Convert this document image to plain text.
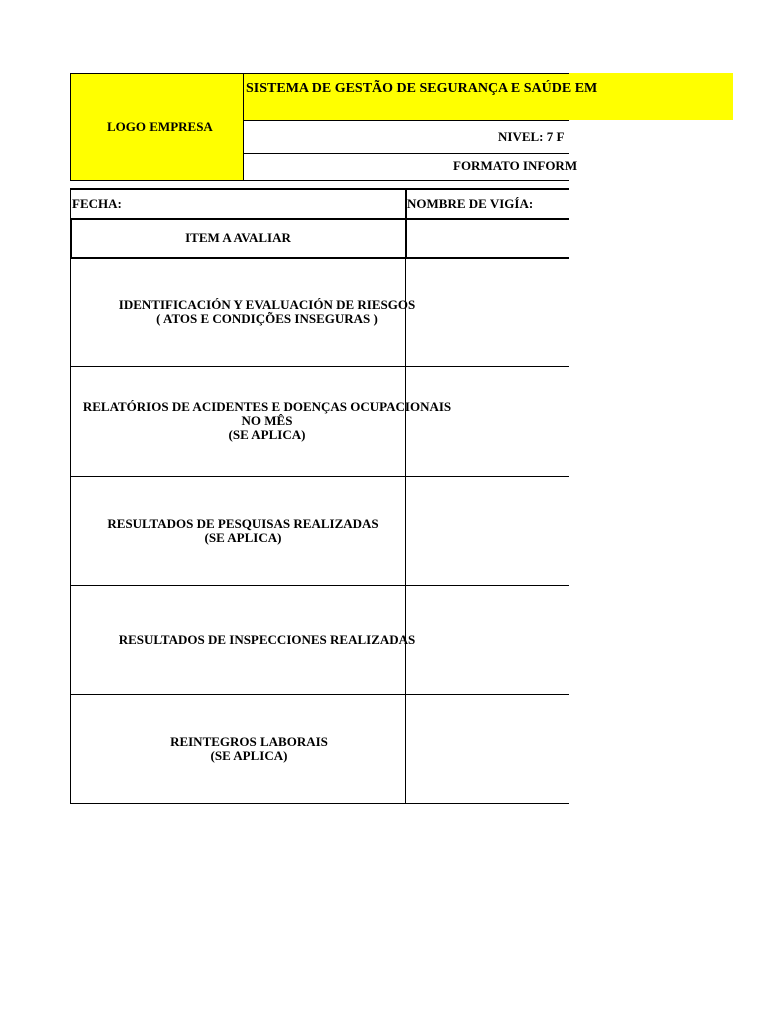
LOGO EMPRESA
SISTEMA DE GESTÃO DE SEGURANÇA E SAÚDE EM
NIVEL: 7 F
FORMATO INFORM
FECHA:	NOMBRE DE VIGÍA:
ITEM A AVALIAR
IDENTIFICACIÓN Y EVALUACIÓN DE RIESGOS
( ATOS E CONDIÇÕES INSEGURAS )
RELATÓRIOS DE ACIDENTES E DOENÇAS OCUPACIONAIS
NO MÊS
(SE APLICA)
RESULTADOS DE PESQUISAS REALIZADAS
(SE APLICA)
RESULTADOS DE INSPECCIONES REALIZADAS
REINTEGROS LABORAIS
(SE APLICA)
